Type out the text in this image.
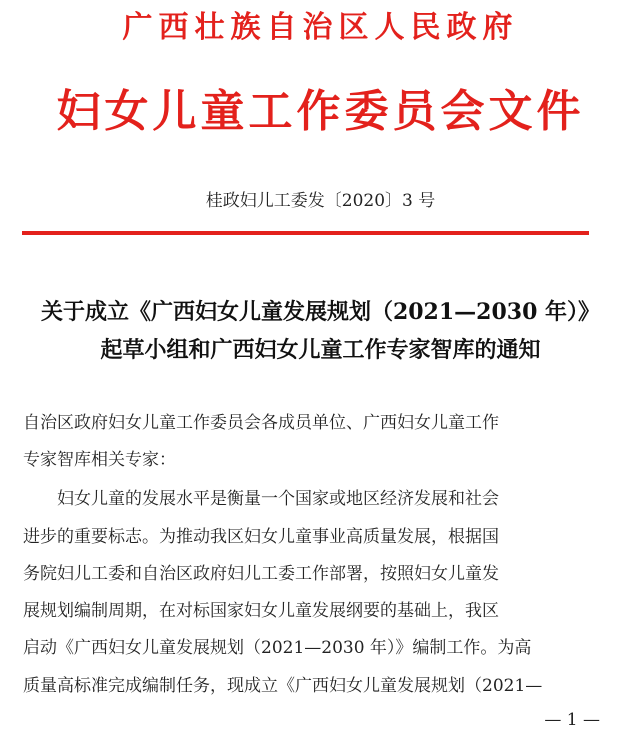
广西壮族自治区人民政府
妇女儿童工作委员会文件
桂政妇儿工委发〔2020〕3 号
关于成立《广西妇女儿童发展规划（2021—2030 年）》
起草小组和广西妇女儿童工作专家智库的通知
自治区政府妇女儿童工作委员会各成员单位、广西妇女儿童工作
专家智库相关专家：
　　妇女儿童的发展水平是衡量一个国家或地区经济发展和社会
进步的重要标志。为推动我区妇女儿童事业高质量发展，根据国
务院妇儿工委和自治区政府妇儿工委工作部署，按照妇女儿童发
展规划编制周期，在对标国家妇女儿童发展纲要的基础上，我区
启动《广西妇女儿童发展规划（2021—2030 年）》编制工作。为高
质量高标准完成编制任务，现成立《广西妇女儿童发展规划（2021—
— 1 —
